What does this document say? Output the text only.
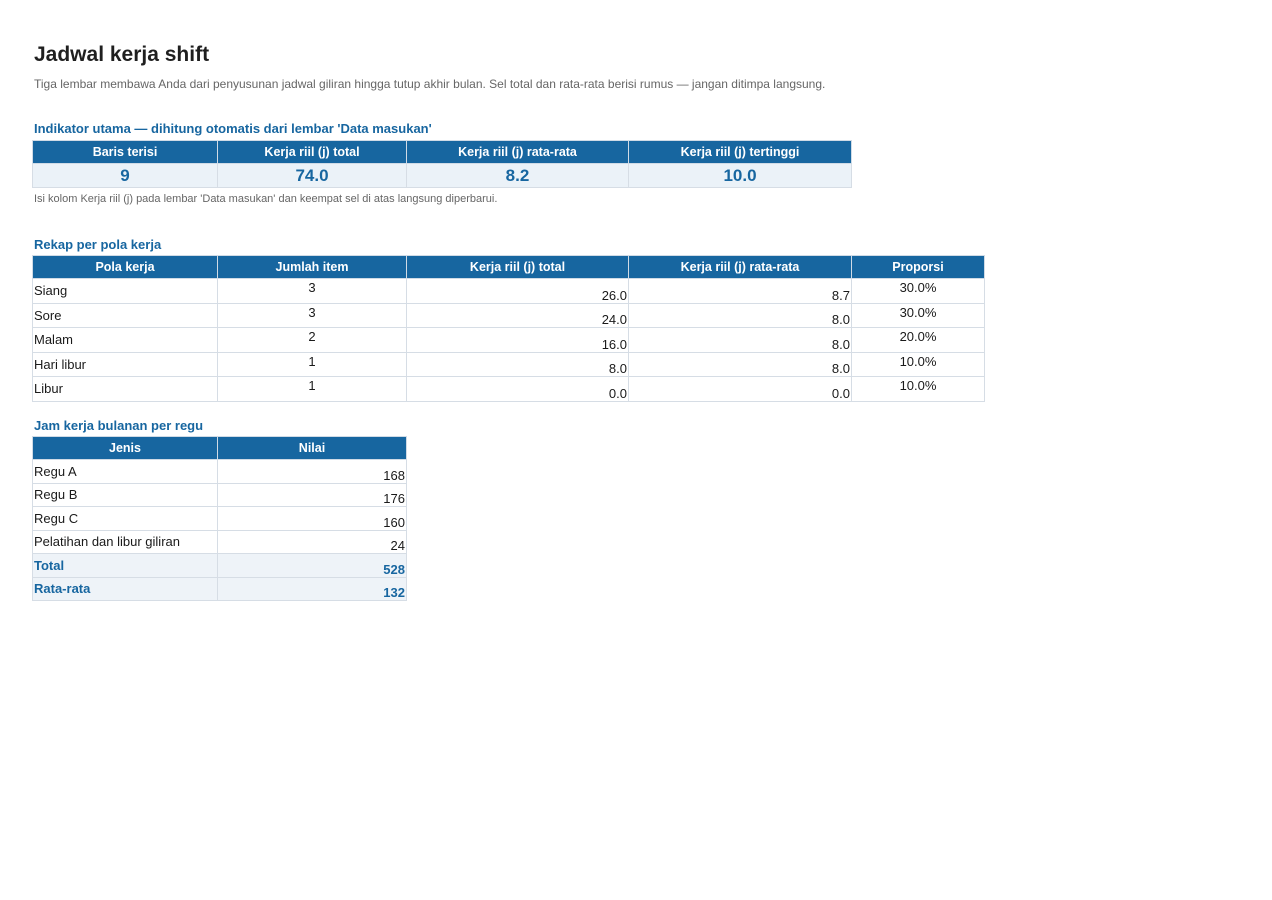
Jadwal kerja shift
Tiga lembar membawa Anda dari penyusunan jadwal giliran hingga tutup akhir bulan. Sel total dan rata-rata berisi rumus — jangan ditimpa langsung.
Indikator utama — dihitung otomatis dari lembar 'Data masukan'
Baris terisi	Kerja riil (j) total	Kerja riil (j) rata-rata	Kerja riil (j) tertinggi
9	74.0	8.2	10.0
Isi kolom Kerja riil (j) pada lembar 'Data masukan' dan keempat sel di atas langsung diperbarui.
Rekap per pola kerja
Pola kerja	Jumlah item	Kerja riil (j) total	Kerja riil (j) rata-rata	Proporsi
Siang	3	26.0	8.7	30.0%
Sore	3	24.0	8.0	30.0%
Malam	2	16.0	8.0	20.0%
Hari libur	1	8.0	8.0	10.0%
Libur	1	0.0	0.0	10.0%
Jam kerja bulanan per regu
Jenis	Nilai
Regu A	168
Regu B	176
Regu C	160
Pelatihan dan libur giliran	24
Total	528
Rata-rata	132
